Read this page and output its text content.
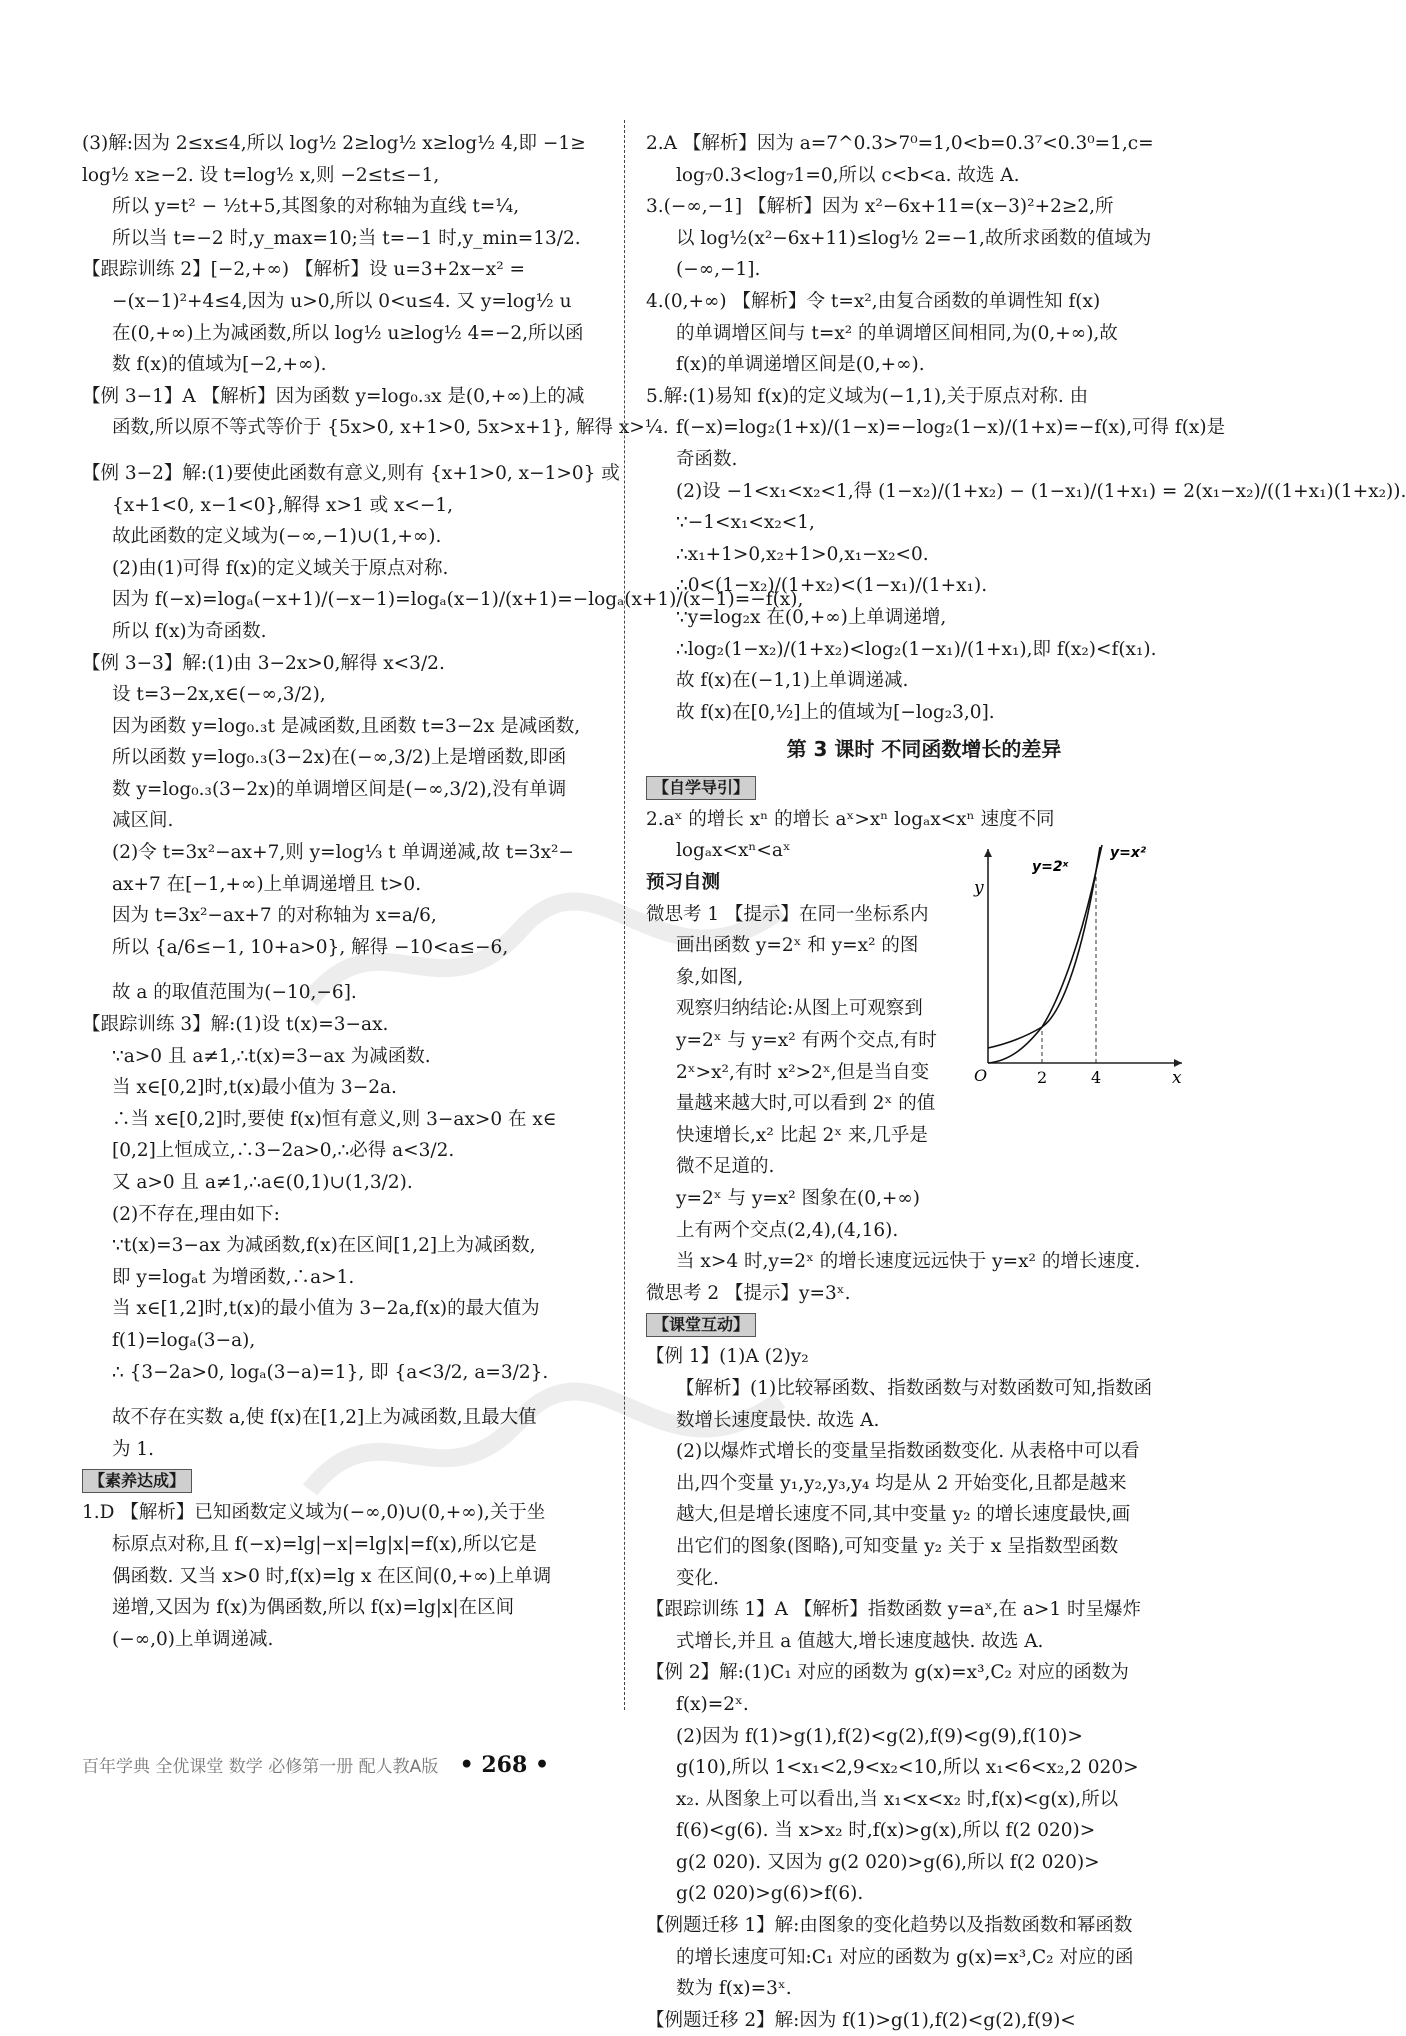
(3)解:因为 2≤x≤4,所以 log½ 2≥log½ x≥log½ 4,即 −1≥
log½ x≥−2. 设 t=log½ x,则 −2≤t≤−1,
所以 y=t² − ½t+5,其图象的对称轴为直线 t=¼,
所以当 t=−2 时,y_max=10;当 t=−1 时,y_min=13/2.
【跟踪训练 2】[−2,+∞) 【解析】设 u=3+2x−x² =
−(x−1)²+4≤4,因为 u>0,所以 0<u≤4. 又 y=log½ u
在(0,+∞)上为减函数,所以 log½ u≥log½ 4=−2,所以函
数 f(x)的值域为[−2,+∞).
【例 3−1】A 【解析】因为函数 y=log₀.₃x 是(0,+∞)上的减
函数,所以原不等式等价于 {5x>0, x+1>0, 5x>x+1}, 解得 x>¼.
【例 3−2】解:(1)要使此函数有意义,则有 {x+1>0, x−1>0} 或
{x+1<0, x−1<0},解得 x>1 或 x<−1,
故此函数的定义域为(−∞,−1)∪(1,+∞).
(2)由(1)可得 f(x)的定义域关于原点对称.
因为 f(−x)=logₐ(−x+1)/(−x−1)=logₐ(x−1)/(x+1)=−logₐ(x+1)/(x−1)=−f(x),
所以 f(x)为奇函数.
【例 3−3】解:(1)由 3−2x>0,解得 x<3/2.
设 t=3−2x,x∈(−∞,3/2),
因为函数 y=log₀.₃t 是减函数,且函数 t=3−2x 是减函数,
所以函数 y=log₀.₃(3−2x)在(−∞,3/2)上是增函数,即函
数 y=log₀.₃(3−2x)的单调增区间是(−∞,3/2),没有单调
减区间.
(2)令 t=3x²−ax+7,则 y=log⅓ t 单调递减,故 t=3x²−
ax+7 在[−1,+∞)上单调递增且 t>0.
因为 t=3x²−ax+7 的对称轴为 x=a/6,
所以 {a/6≤−1, 10+a>0}, 解得 −10<a≤−6,
故 a 的取值范围为(−10,−6].
【跟踪训练 3】解:(1)设 t(x)=3−ax.
∵a>0 且 a≠1,∴t(x)=3−ax 为减函数.
当 x∈[0,2]时,t(x)最小值为 3−2a.
∴当 x∈[0,2]时,要使 f(x)恒有意义,则 3−ax>0 在 x∈
[0,2]上恒成立,∴3−2a>0,∴必得 a<3/2.
又 a>0 且 a≠1,∴a∈(0,1)∪(1,3/2).
(2)不存在,理由如下:
∵t(x)=3−ax 为减函数,f(x)在区间[1,2]上为减函数,
即 y=logₐt 为增函数,∴a>1.
当 x∈[1,2]时,t(x)的最小值为 3−2a,f(x)的最大值为
f(1)=logₐ(3−a),
∴ {3−2a>0, logₐ(3−a)=1}, 即 {a<3/2, a=3/2}.
故不存在实数 a,使 f(x)在[1,2]上为减函数,且最大值
为 1.
【素养达成】
1.D 【解析】已知函数定义域为(−∞,0)∪(0,+∞),关于坐
标原点对称,且 f(−x)=lg|−x|=lg|x|=f(x),所以它是
偶函数. 又当 x>0 时,f(x)=lg x 在区间(0,+∞)上单调
递增,又因为 f(x)为偶函数,所以 f(x)=lg|x|在区间
(−∞,0)上单调递减.
2.A 【解析】因为 a=7^0.3>7⁰=1,0<b=0.3⁷<0.3⁰=1,c=
log₇0.3<log₇1=0,所以 c<b<a. 故选 A.
3.(−∞,−1] 【解析】因为 x²−6x+11=(x−3)²+2≥2,所
以 log½(x²−6x+11)≤log½ 2=−1,故所求函数的值域为
(−∞,−1].
4.(0,+∞) 【解析】令 t=x²,由复合函数的单调性知 f(x)
的单调增区间与 t=x² 的单调增区间相同,为(0,+∞),故
f(x)的单调递增区间是(0,+∞).
5.解:(1)易知 f(x)的定义域为(−1,1),关于原点对称. 由
f(−x)=log₂(1+x)/(1−x)=−log₂(1−x)/(1+x)=−f(x),可得 f(x)是
奇函数.
(2)设 −1<x₁<x₂<1,得 (1−x₂)/(1+x₂) − (1−x₁)/(1+x₁) = 2(x₁−x₂)/((1+x₁)(1+x₂)).
∵−1<x₁<x₂<1,
∴x₁+1>0,x₂+1>0,x₁−x₂<0.
∴0<(1−x₂)/(1+x₂)<(1−x₁)/(1+x₁).
∵y=log₂x 在(0,+∞)上单调递增,
∴log₂(1−x₂)/(1+x₂)<log₂(1−x₁)/(1+x₁),即 f(x₂)<f(x₁).
故 f(x)在(−1,1)上单调递减.
故 f(x)在[0,½]上的值域为[−log₂3,0].
第 3 课时 不同函数增长的差异
【自学导引】
2.aˣ 的增长 xⁿ 的增长 aˣ>xⁿ logₐx<xⁿ 速度不同
logₐx<xⁿ<aˣ
预习自测
微思考 1 【提示】在同一坐标系内
画出函数 y=2ˣ 和 y=x² 的图
象,如图,
观察归纳结论:从图上可观察到
y=2ˣ 与 y=x² 有两个交点,有时
2ˣ>x²,有时 x²>2ˣ,但是当自变
量越来越大时,可以看到 2ˣ 的值
快速增长,x² 比起 2ˣ 来,几乎是
微不足道的.
y=2ˣ 与 y=x² 图象在(0,+∞)
上有两个交点(2,4),(4,16).
当 x>4 时,y=2ˣ 的增长速度远远快于 y=x² 的增长速度.
微思考 2 【提示】y=3ˣ.
【课堂互动】
【例 1】(1)A (2)y₂
【解析】(1)比较幂函数、指数函数与对数函数可知,指数函
数增长速度最快. 故选 A.
(2)以爆炸式增长的变量呈指数函数变化. 从表格中可以看
出,四个变量 y₁,y₂,y₃,y₄ 均是从 2 开始变化,且都是越来
越大,但是增长速度不同,其中变量 y₂ 的增长速度最快,画
出它们的图象(图略),可知变量 y₂ 关于 x 呈指数型函数
变化.
【跟踪训练 1】A 【解析】指数函数 y=aˣ,在 a>1 时呈爆炸
式增长,并且 a 值越大,增长速度越快. 故选 A.
【例 2】解:(1)C₁ 对应的函数为 g(x)=x³,C₂ 对应的函数为
f(x)=2ˣ.
(2)因为 f(1)>g(1),f(2)<g(2),f(9)<g(9),f(10)>
g(10),所以 1<x₁<2,9<x₂<10,所以 x₁<6<x₂,2 020>
x₂. 从图象上可以看出,当 x₁<x<x₂ 时,f(x)<g(x),所以
f(6)<g(6). 当 x>x₂ 时,f(x)>g(x),所以 f(2 020)>
g(2 020). 又因为 g(2 020)>g(6),所以 f(2 020)>
g(2 020)>g(6)>f(6).
【例题迁移 1】解:由图象的变化趋势以及指数函数和幂函数
的增长速度可知:C₁ 对应的函数为 g(x)=x³,C₂ 对应的函
数为 f(x)=3ˣ.
【例题迁移 2】解:因为 f(1)>g(1),f(2)<g(2),f(9)<
y
x
O	2	4
y=2ˣ
y=x²
百年学典 全优课堂 数学 必修第一册 配人教A版 • 268 •
